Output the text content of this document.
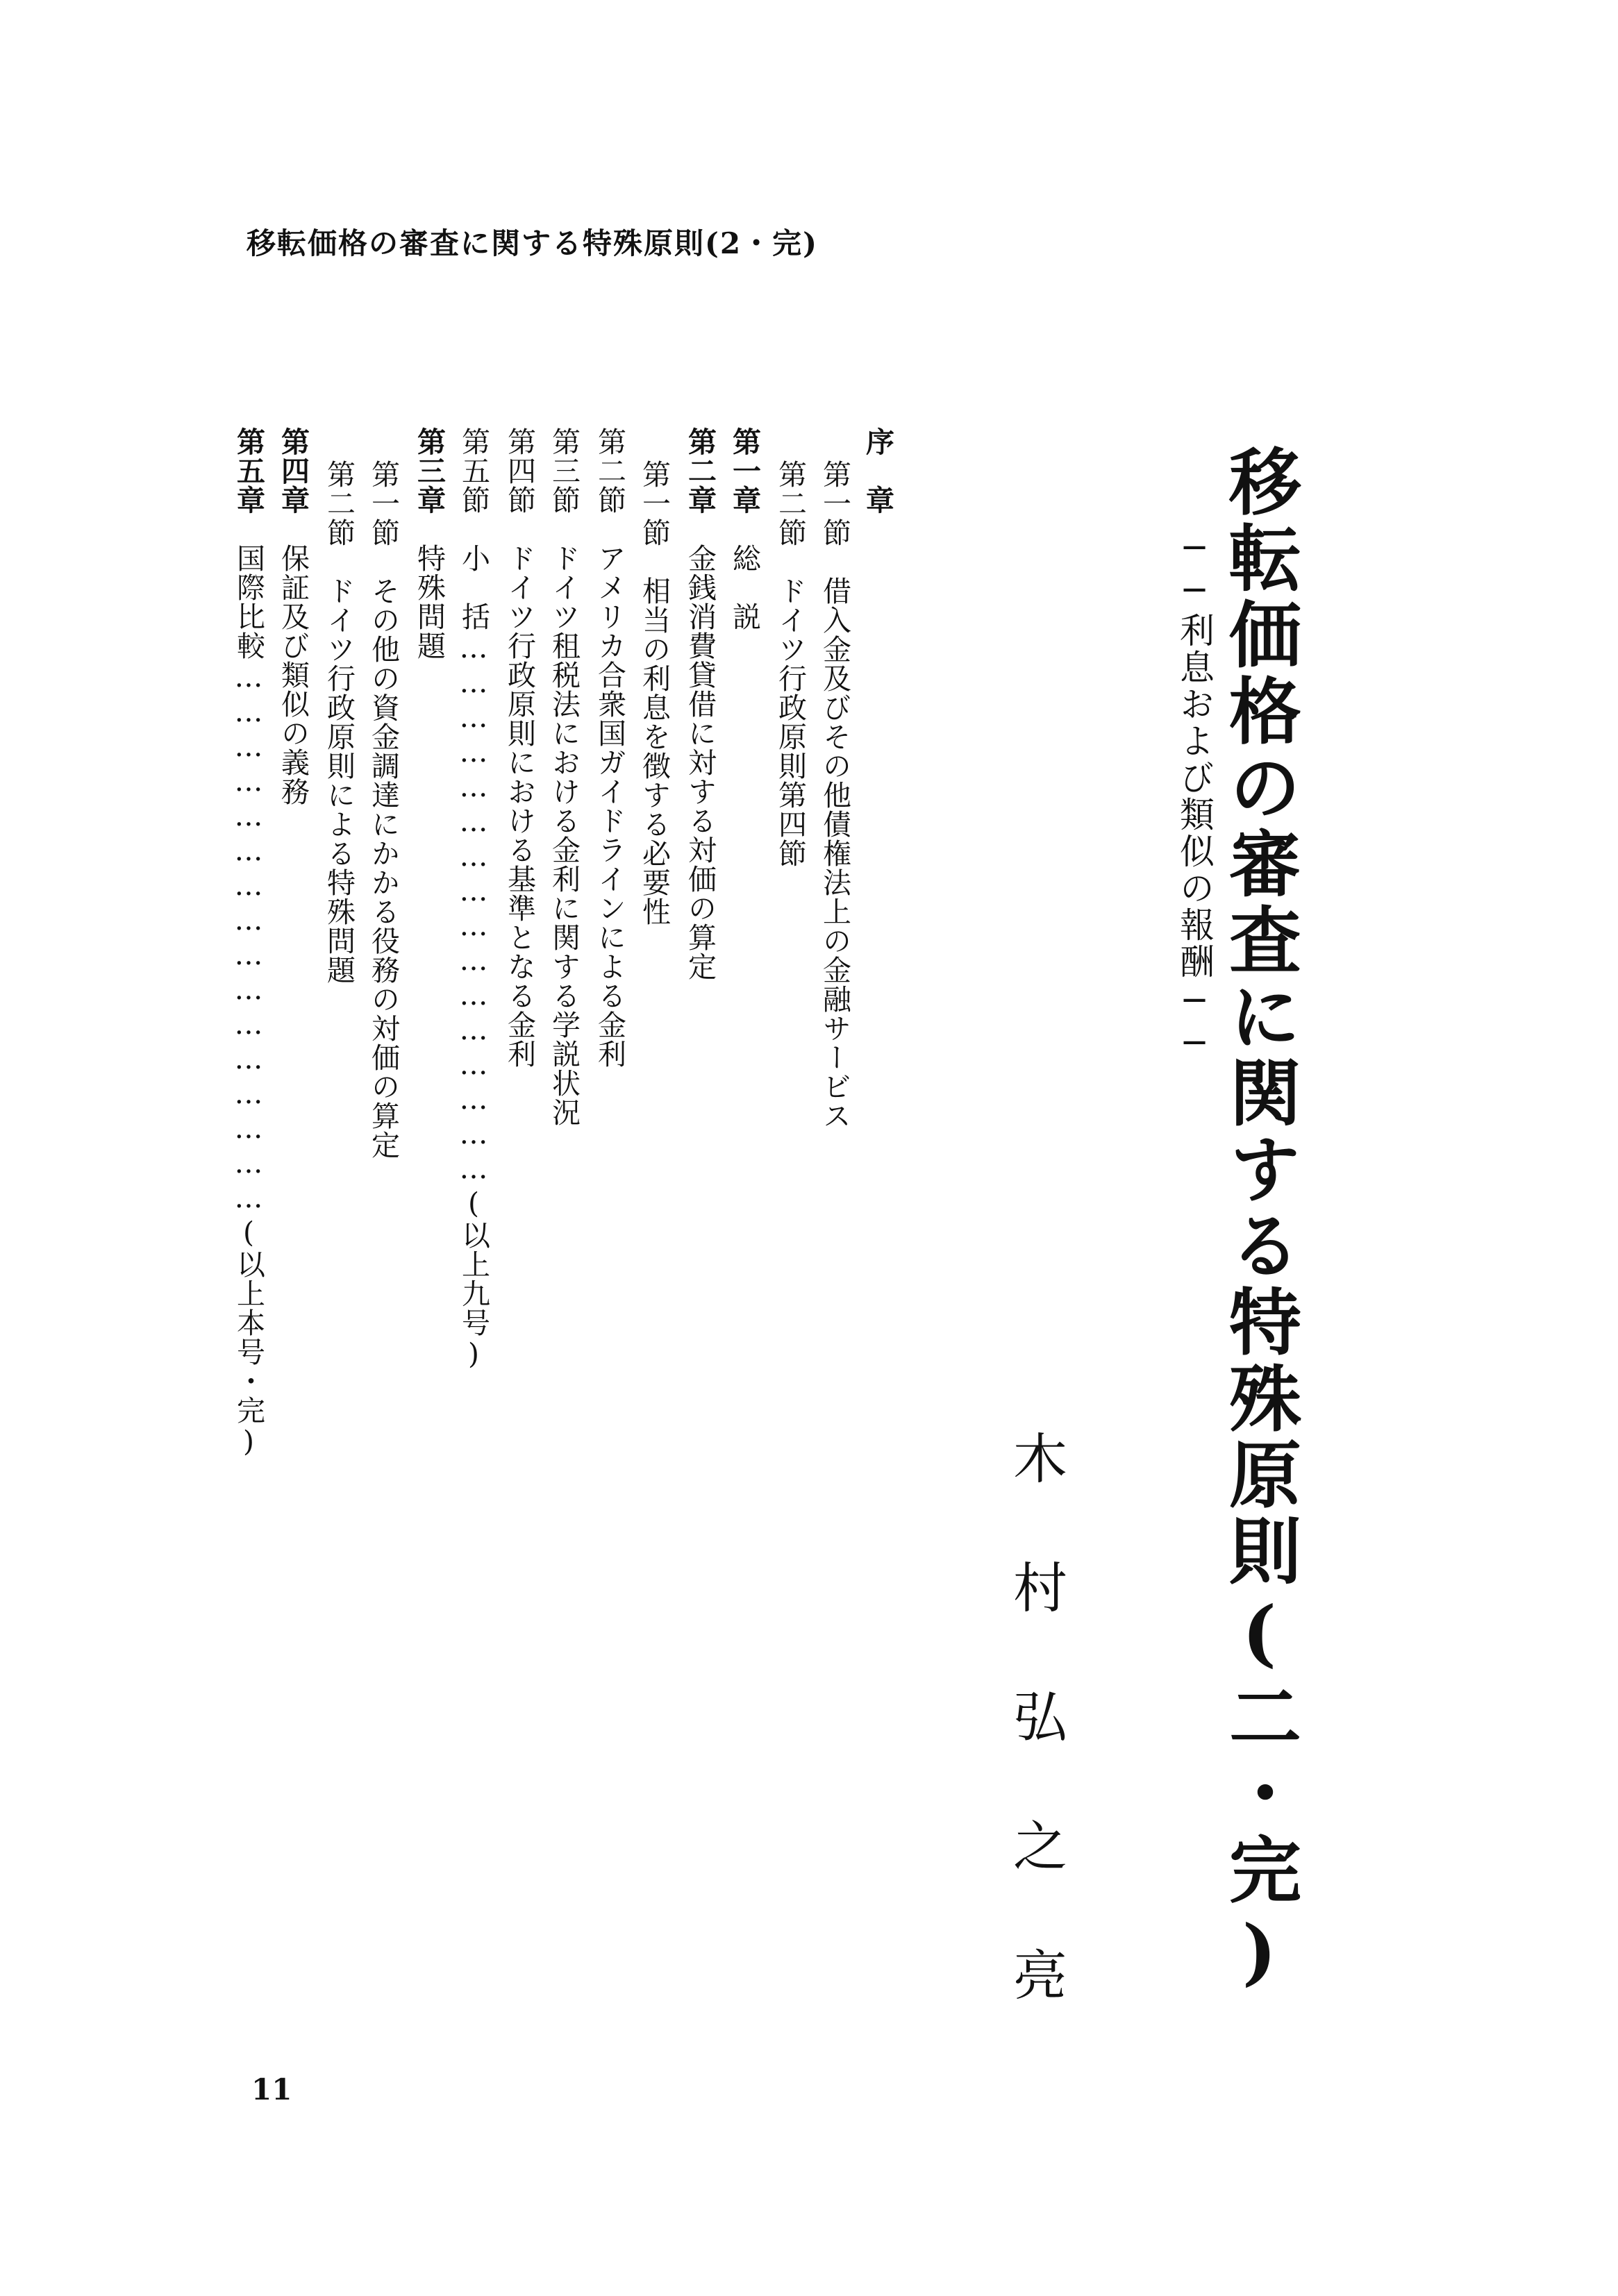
移転価格の審査に関する特殊原則(2・完)
移転価格の審査に関する特殊原則(二・完)
──利息および類似の報酬──
木村弘之亮
序　章
第一節　借入金及びその他債権法上の金融サービス
第二節　ドイツ行政原則第四節
第一章　総　説
第二章　金銭消費貸借に対する対価の算定
第一節　相当の利息を徴する必要性
第二節　アメリカ合衆国ガイドラインによる金利
第三節　ドイツ租税法における金利に関する学説状況
第四節　ドイツ行政原則における基準となる金利
第五節　小　括…………………………………………(以上九号)
第三章　特殊問題
第一節　その他の資金調達にかかる役務の対価の算定
第二節　ドイツ行政原則による特殊問題
第四章　保証及び類似の義務
第五章　国際比較…………………………………………(以上本号・完)
11
